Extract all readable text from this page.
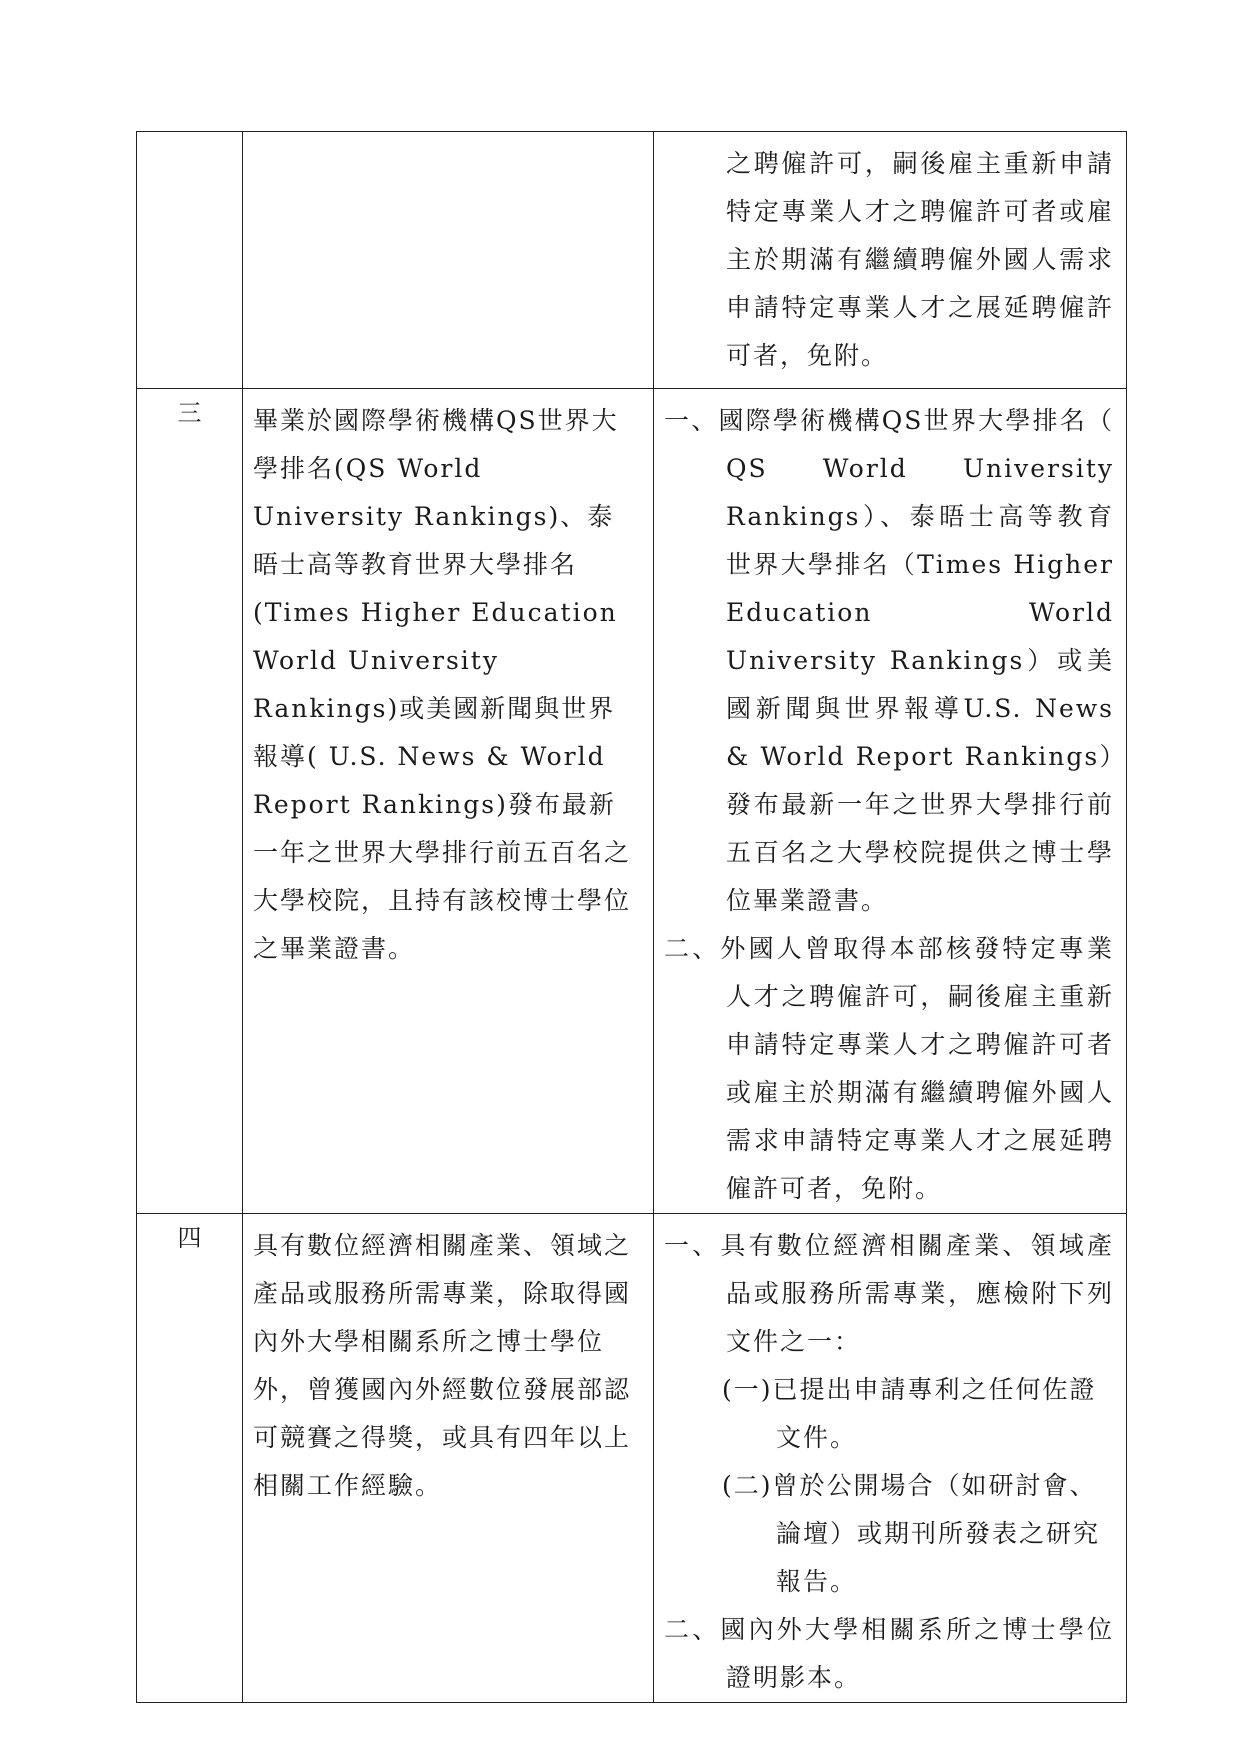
		之聘僱許可，嗣後雇主重新申請特定專業人才之聘僱許可者或雇主於期滿有繼續聘僱外國人需求申請特定專業人才之展延聘僱許可者，免附。

三	畢業於國際學術機構QS世界大學排名(QS World University Rankings)、泰晤士高等教育世界大學排名(Times Higher Education World University Rankings)或美國新聞與世界報導( U.S. News & World Report Rankings)發布最新一年之世界大學排行前五百名之大學校院，且持有該校博士學位之畢業證書。	一、國際學術機構QS世界大學排名（ QS World University Rankings）、泰晤士高等教育世界大學排名（Times Higher Education World University Rankings）或美國新聞與世界報導U.S. News & World Report Rankings）發布最新一年之世界大學排行前五百名之大學校院提供之博士學位畢業證書。

二、外國人曾取得本部核發特定專業人才之聘僱許可，嗣後雇主重新申請特定專業人才之聘僱許可者或雇主於期滿有繼續聘僱外國人需求申請特定專業人才之展延聘僱許可者，免附。

四	具有數位經濟相關產業、領域之產品或服務所需專業，除取得國內外大學相關系所之博士學位外，曾獲國內外經數位發展部認可競賽之得獎，或具有四年以上相關工作經驗。	一、具有數位經濟相關產業、領域產品或服務所需專業，應檢附下列文件之一：

(一)已提出申請專利之任何佐證文件。

(二)曾於公開場合（如研討會、論壇）或期刊所發表之研究報告。

二、國內外大學相關系所之博士學位證明影本。
